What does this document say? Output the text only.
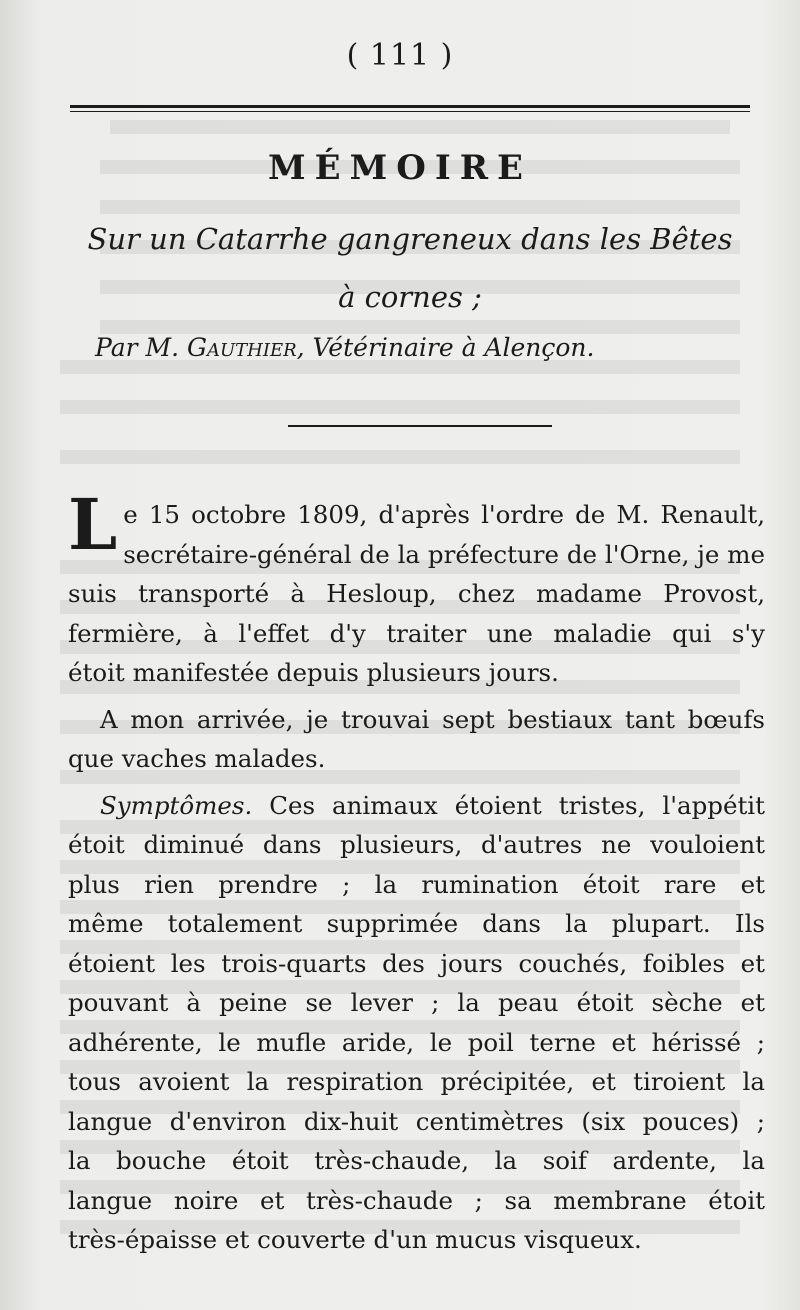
( 111 )
MÉMOIRE
Sur un Catarrhe gangreneux dans les Bêtes
à cornes ;
Par M. Gauthier, Vétérinaire à Alençon.
L e 15 octobre 1809, d'après l'ordre de M. Renault,
secrétaire-général de la préfecture de l'Orne, je me
suis transporté à Hesloup, chez madame Provost,
fermière, à l'effet d'y traiter une maladie qui s'y
étoit manifestée depuis plusieurs jours.
A mon arrivée, je trouvai sept bestiaux tant bœufs
que vaches malades.
Symptômes. Ces animaux étoient tristes, l'appétit
étoit diminué dans plusieurs, d'autres ne vouloient
plus rien prendre ; la rumination étoit rare et
même totalement supprimée dans la plupart. Ils
étoient les trois-quarts des jours couchés, foibles et
pouvant à peine se lever ; la peau étoit sèche et
adhérente, le mufle aride, le poil terne et hérissé ;
tous avoient la respiration précipitée, et tiroient la
langue d'environ dix-huit centimètres (six pouces) ;
la bouche étoit très-chaude, la soif ardente, la
langue noire et très-chaude ; sa membrane étoit
très-épaisse et couverte d'un mucus visqueux.
